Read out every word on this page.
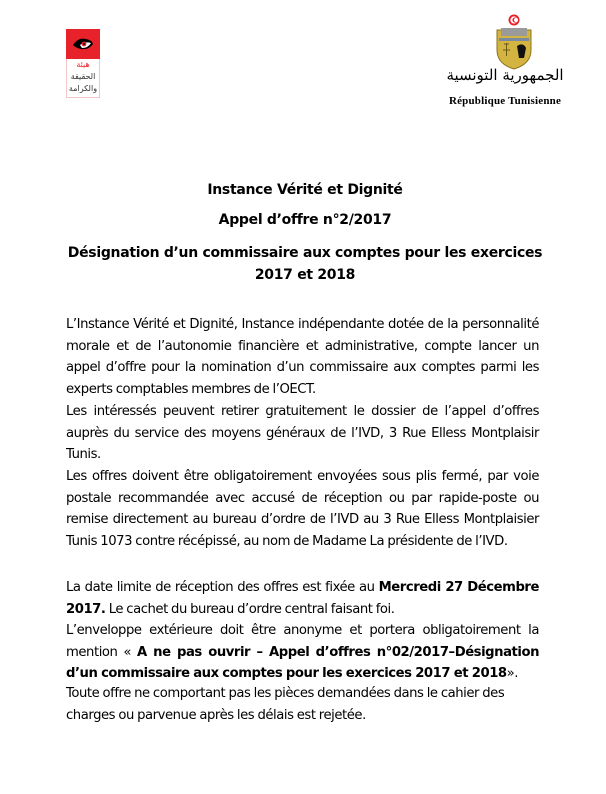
هيئة
الحقيقة
والكرامة
الجمهورية التونسية
République Tunisienne
Instance Vérité et Dignité
Appel d’offre n°2/2017
Désignation d’un commissaire aux comptes pour les exercices 2017 et 2018
L’Instance Vérité et Dignité, Instance indépendante dotée de la personnalité morale et de l’autonomie financière et administrative, compte lancer un appel d’offre pour la nomination d’un commissaire aux comptes parmi les experts comptables membres de l’OECT.
Les intéressés peuvent retirer gratuitement le dossier de l’appel d’offres auprès du service des moyens généraux de l’IVD, 3 Rue Elless Montplaisir Tunis.
Les offres doivent être obligatoirement envoyées sous plis fermé, par voie postale recommandée avec accusé de réception ou par rapide-poste ou remise directement au bureau d’ordre de l’IVD au 3 Rue Elless Montplaisier Tunis 1073 contre récépissé, au nom de Madame La présidente de l’IVD.
La date limite de réception des offres est fixée au Mercredi 27 Décembre 2017. Le cachet du bureau d’ordre central faisant foi.
L’enveloppe extérieure doit être anonyme et portera obligatoirement la mention « A ne pas ouvrir – Appel d’offres n°02/2017–Désignation d’un commissaire aux comptes pour les exercices 2017 et 2018».
Toute offre ne comportant pas les pièces demandées dans le cahier des charges ou parvenue après les délais est rejetée.
